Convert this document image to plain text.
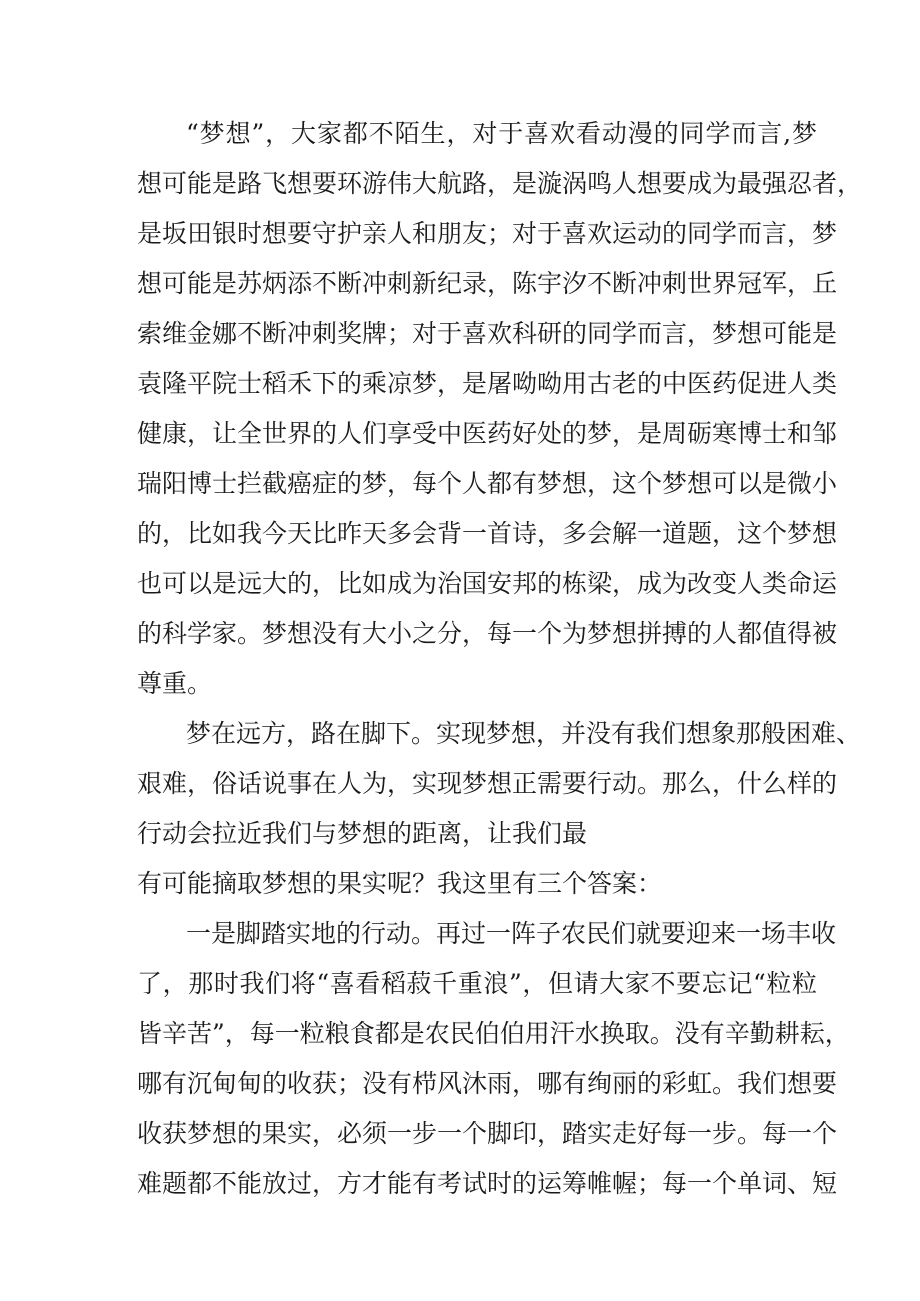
“梦想”，大家都不陌生，对于喜欢看动漫的同学而言,梦
想可能是路飞想要环游伟大航路，是漩涡鸣人想要成为最强忍者，
是坂田银时想要守护亲人和朋友；对于喜欢运动的同学而言，梦
想可能是苏炳添不断冲刺新纪录，陈宇汐不断冲刺世界冠军，丘
索维金娜不断冲刺奖牌；对于喜欢科研的同学而言，梦想可能是
袁隆平院士稻禾下的乘凉梦，是屠呦呦用古老的中医药促进人类
健康，让全世界的人们享受中医药好处的梦，是周砺寒博士和邹
瑞阳博士拦截癌症的梦，每个人都有梦想，这个梦想可以是微小
的，比如我今天比昨天多会背一首诗，多会解一道题，这个梦想
也可以是远大的，比如成为治国安邦的栋梁，成为改变人类命运
的科学家。梦想没有大小之分，每一个为梦想拼搏的人都值得被
尊重。
梦在远方，路在脚下。实现梦想，并没有我们想象那般困难、
艰难，俗话说事在人为，实现梦想正需要行动。那么，什么样的
行动会拉近我们与梦想的距离，让我们最
有可能摘取梦想的果实呢？我这里有三个答案：
一是脚踏实地的行动。再过一阵子农民们就要迎来一场丰收
了，那时我们将“喜看稻菽千重浪”，但请大家不要忘记“粒粒
皆辛苦”，每一粒粮食都是农民伯伯用汗水换取。没有辛勤耕耘，
哪有沉甸甸的收获；没有栉风沐雨，哪有绚丽的彩虹。我们想要
收获梦想的果实，必须一步一个脚印，踏实走好每一步。每一个
难题都不能放过，方才能有考试时的运筹帷幄；每一个单词、短
